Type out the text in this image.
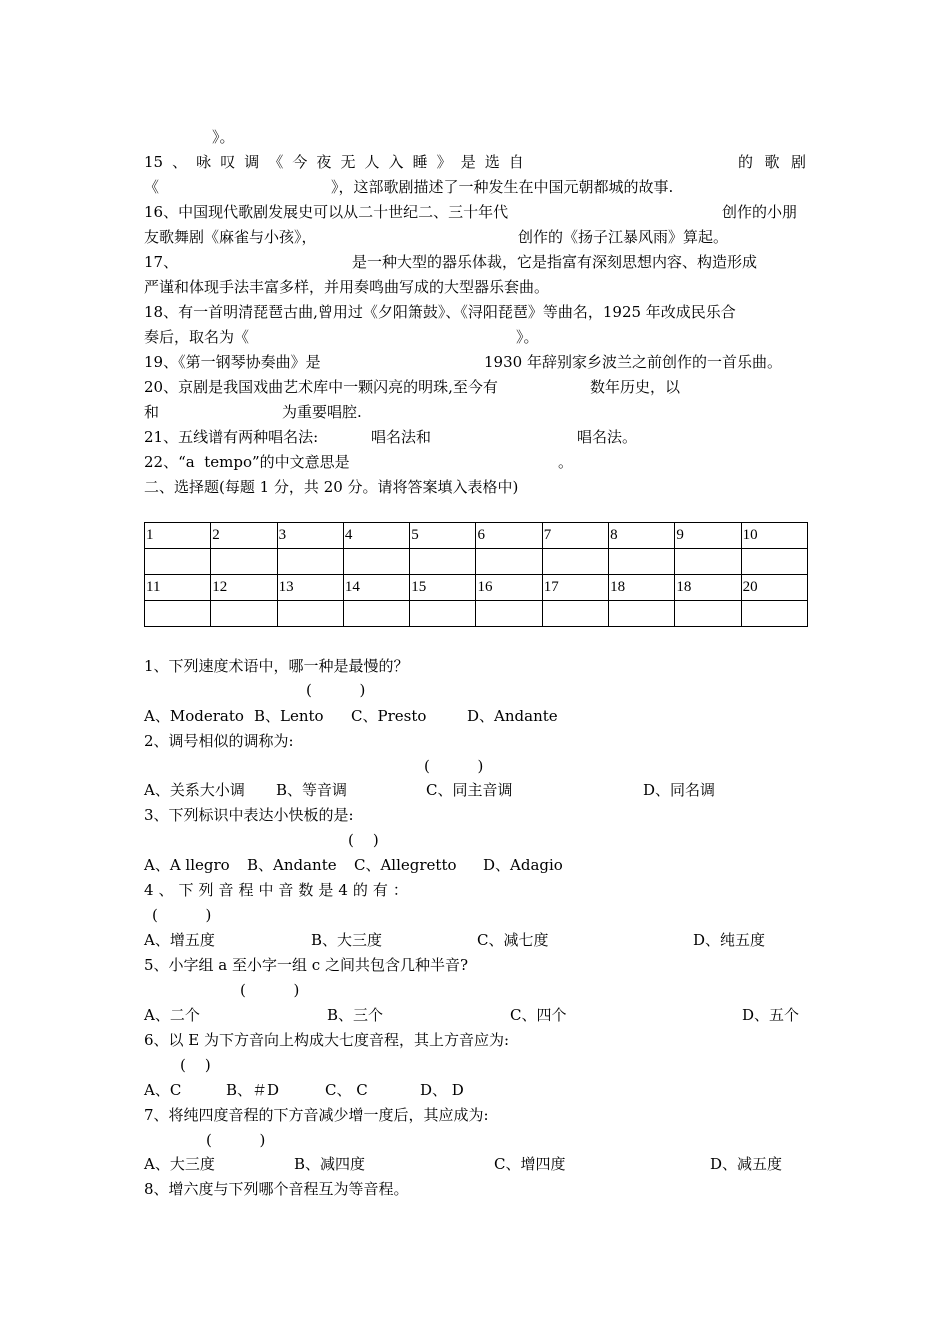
》。
15 、 咏 叹 调 《 今 夜 无 人 入 睡 》 是 选 自	的 歌 剧
《	》，这部歌剧描述了一种发生在中国元朝都城的故事.
16、中国现代歌剧发展史可以从二十世纪二、三十年代	创作的小朋
友歌舞剧《麻雀与小孩》，	创作的《扬子江暴风雨》算起。
17、	是一种大型的器乐体裁，它是指富有深刻思想内容、构造形成
严谨和体现手法丰富多样，并用奏鸣曲写成的大型器乐套曲。
18、有一首明清琵琶古曲,曾用过《夕阳箫鼓》、《浔阳琵琶》等曲名，1925 年改成民乐合
奏后，取名为《	》。
19、《第一钢琴协奏曲》是	1930 年辞别家乡波兰之前创作的一首乐曲。
20、京剧是我国戏曲艺术库中一颗闪亮的明珠,至今有	数年历史，以
和	为重要唱腔.
21、五线谱有两种唱名法:	唱名法和	唱名法。
22、“a  tempo”的中文意思是	。
二、选择题(每题 1 分，共 20 分。请将答案填入表格中)
1	2	3	4	5	6	7	8	9	10

11	12	13	14	15	16	17	18	18	20

1、下列速度术语中，哪一种是最慢的？
(          )
A、Moderato B、Lento C、Presto	D、Andante
2、调号相似的调称为:
(          )
A、关系大小调 B、等音调	C、同主音调	D、同名调
3、下列标识中表达小快板的是:
(    )
A、A llegro B、Andante C、Allegretto D、Adagio
4 、 下 列 音 程 中 音 数 是 4 的 有 ：
(          )
A、增五度	B、大三度	C、减七度	D、纯五度
5、小字组 a 至小字一组 c 之间共包含几种半音?
(          )
A、二个	B、三个	C、四个	D、五个
6、以 E 为下方音向上构成大七度音程，其上方音应为:
(    )
A、C	B、＃D	C、 C	D、 D
7、将纯四度音程的下方音减少增一度后，其应成为:
(          )
A、大三度	B、减四度	C、增四度	D、减五度
8、增六度与下列哪个音程互为等音程。
